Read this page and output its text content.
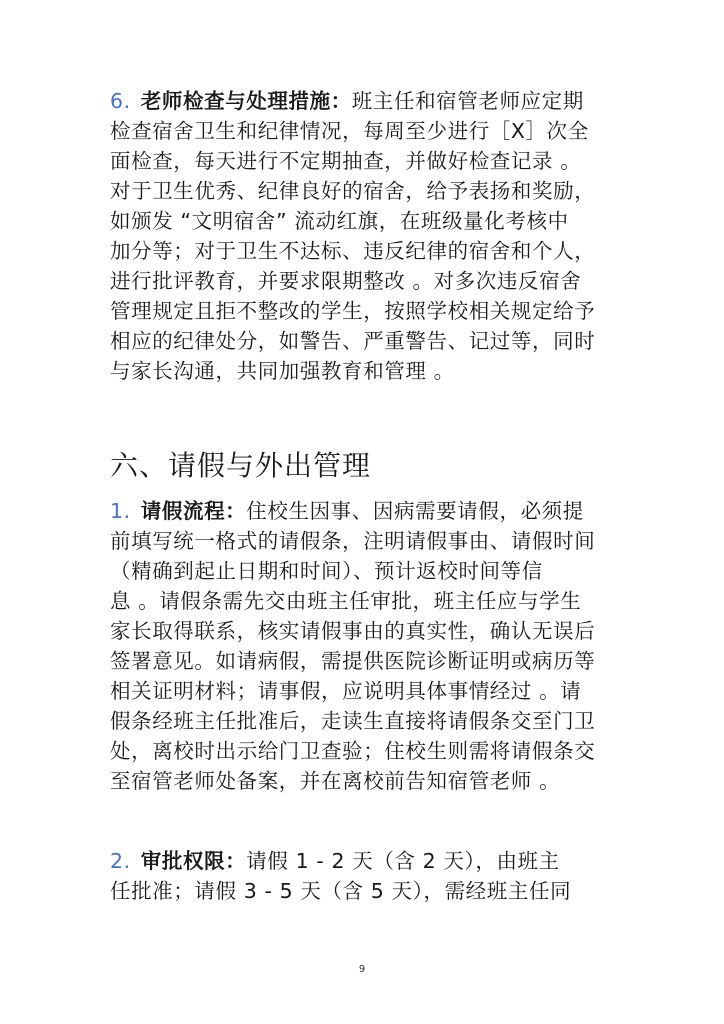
6. 老师检查与处理措施：班主任和宿管老师应定期
检查宿舍卫生和纪律情况，每周至少进行［X］次全
面检查，每天进行不定期抽查，并做好检查记录 。
对于卫生优秀、纪律良好的宿舍，给予表扬和奖励，
如颁发 “文明宿舍” 流动红旗，在班级量化考核中
加分等；对于卫生不达标、违反纪律的宿舍和个人，
进行批评教育，并要求限期整改 。对多次违反宿舍
管理规定且拒不整改的学生，按照学校相关规定给予
相应的纪律处分，如警告、严重警告、记过等，同时
与家长沟通，共同加强教育和管理 。
六、请假与外出管理
1. 请假流程：住校生因事、因病需要请假，必须提
前填写统一格式的请假条，注明请假事由、请假时间
（精确到起止日期和时间）、预计返校时间等信
息 。请假条需先交由班主任审批，班主任应与学生
家长取得联系，核实请假事由的真实性，确认无误后
签署意见。如请病假，需提供医院诊断证明或病历等
相关证明材料；请事假，应说明具体事情经过 。请
假条经班主任批准后，走读生直接将请假条交至门卫
处，离校时出示给门卫查验；住校生则需将请假条交
至宿管老师处备案，并在离校前告知宿管老师 。
2. 审批权限：请假 1 - 2 天（含 2 天），由班主
任批准；请假 3 - 5 天（含 5 天），需经班主任同
9
